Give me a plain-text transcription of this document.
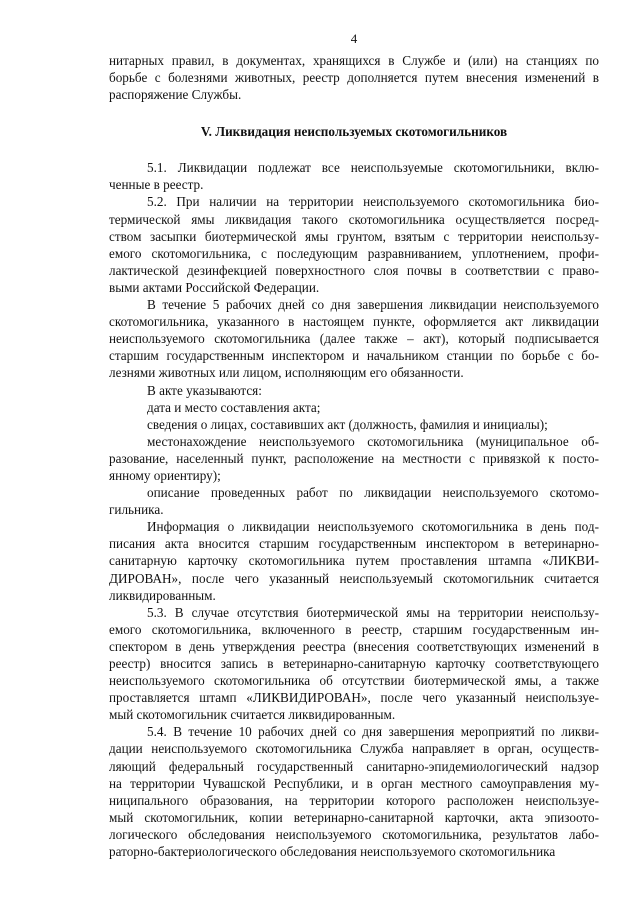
4
нитарных правил, в документах, хранящихся в Службе и (или) на станциях по
борьбе с болезнями животных, реестр дополняется путем внесения изменений в
распоряжение Службы.
V. Ликвидация неиспользуемых скотомогильников
5.1. Ликвидации подлежат все неиспользуемые скотомогильники, вклю-
ченные в реестр.
5.2. При наличии на территории неиспользуемого скотомогильника био-
термической ямы ликвидация такого скотомогильника осуществляется посред-
ством засыпки биотермической ямы грунтом, взятым с территории неиспользу-
емого скотомогильника, с последующим разравниванием, уплотнением, профи-
лактической дезинфекцией поверхностного слоя почвы в соответствии с право-
выми актами Российской Федерации.
В течение 5 рабочих дней со дня завершения ликвидации неиспользуемого
скотомогильника, указанного в настоящем пункте, оформляется акт ликвидации
неиспользуемого скотомогильника (далее также – акт), который подписывается
старшим государственным инспектором и начальником станции по борьбе с бо-
лезнями животных или лицом, исполняющим его обязанности.
В акте указываются:
дата и место составления акта;
сведения о лицах, составивших акт (должность, фамилия и инициалы);
местонахождение неиспользуемого скотомогильника (муниципальное об-
разование, населенный пункт, расположение на местности с привязкой к посто-
янному ориентиру);
описание проведенных работ по ликвидации неиспользуемого скотомо-
гильника.
Информация о ликвидации неиспользуемого скотомогильника в день под-
писания акта вносится старшим государственным инспектором в ветеринарно-
санитарную карточку скотомогильника путем проставления штампа «ЛИКВИ-
ДИРОВАН», после чего указанный неиспользуемый скотомогильник считается
ликвидированным.
5.3. В случае отсутствия биотермической ямы на территории неиспользу-
емого скотомогильника, включенного в реестр, старшим государственным ин-
спектором в день утверждения реестра (внесения соответствующих изменений в
реестр) вносится запись в ветеринарно-санитарную карточку соответствующего
неиспользуемого скотомогильника об отсутствии биотермической ямы, а также
проставляется штамп «ЛИКВИДИРОВАН», после чего указанный неиспользуе-
мый скотомогильник считается ликвидированным.
5.4. В течение 10 рабочих дней со дня завершения мероприятий по ликви-
дации неиспользуемого скотомогильника Служба направляет в орган, осуществ-
ляющий федеральный государственный санитарно-эпидемиологический надзор
на территории Чувашской Республики, и в орган местного самоуправления му-
ниципального образования, на территории которого расположен неиспользуе-
мый скотомогильник, копии ветеринарно-санитарной карточки, акта эпизоото-
логического обследования неиспользуемого скотомогильника, результатов лабо-
раторно-бактериологического обследования неиспользуемого скотомогильника
